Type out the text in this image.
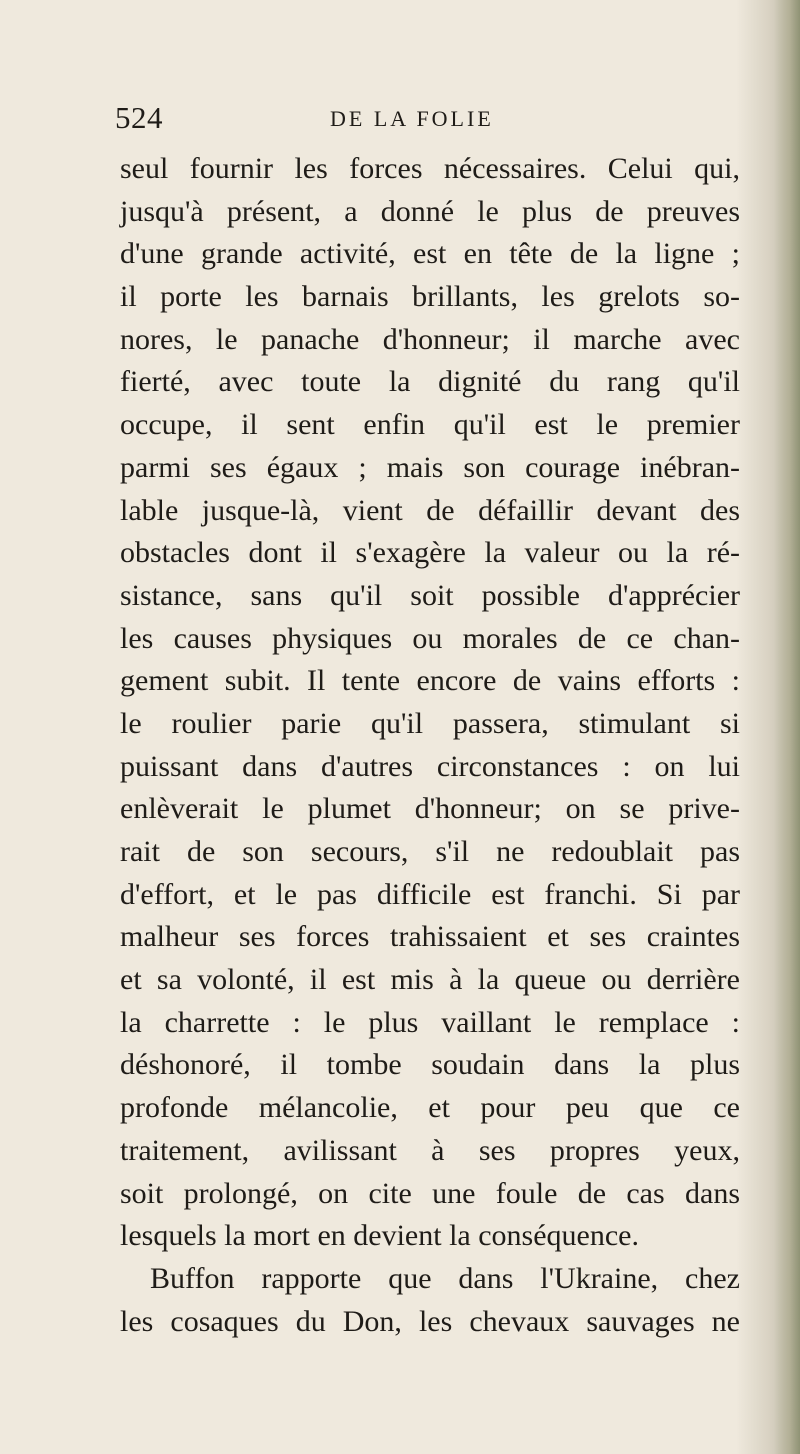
524	DE LA FOLIE
seul fournir les forces nécessaires. Celui qui,
jusqu'à présent, a donné le plus de preuves
d'une grande activité, est en tête de la ligne ;
il porte les barnais brillants, les grelots so-
nores, le panache d'honneur; il marche avec
fierté, avec toute la dignité du rang qu'il
occupe, il sent enfin qu'il est le premier
parmi ses égaux ; mais son courage inébran-
lable jusque-là, vient de défaillir devant des
obstacles dont il s'exagère la valeur ou la ré-
sistance, sans qu'il soit possible d'apprécier
les causes physiques ou morales de ce chan-
gement subit. Il tente encore de vains efforts :
le roulier parie qu'il passera, stimulant si
puissant dans d'autres circonstances : on lui
enlèverait le plumet d'honneur; on se prive-
rait de son secours, s'il ne redoublait pas
d'effort, et le pas difficile est franchi. Si par
malheur ses forces trahissaient et ses craintes
et sa volonté, il est mis à la queue ou derrière
la charrette : le plus vaillant le remplace :
déshonoré, il tombe soudain dans la plus
profonde mélancolie, et pour peu que ce
traitement, avilissant à ses propres yeux,
soit prolongé, on cite une foule de cas dans
lesquels la mort en devient la conséquence.
Buffon rapporte que dans l'Ukraine, chez
les cosaques du Don, les chevaux sauvages ne
